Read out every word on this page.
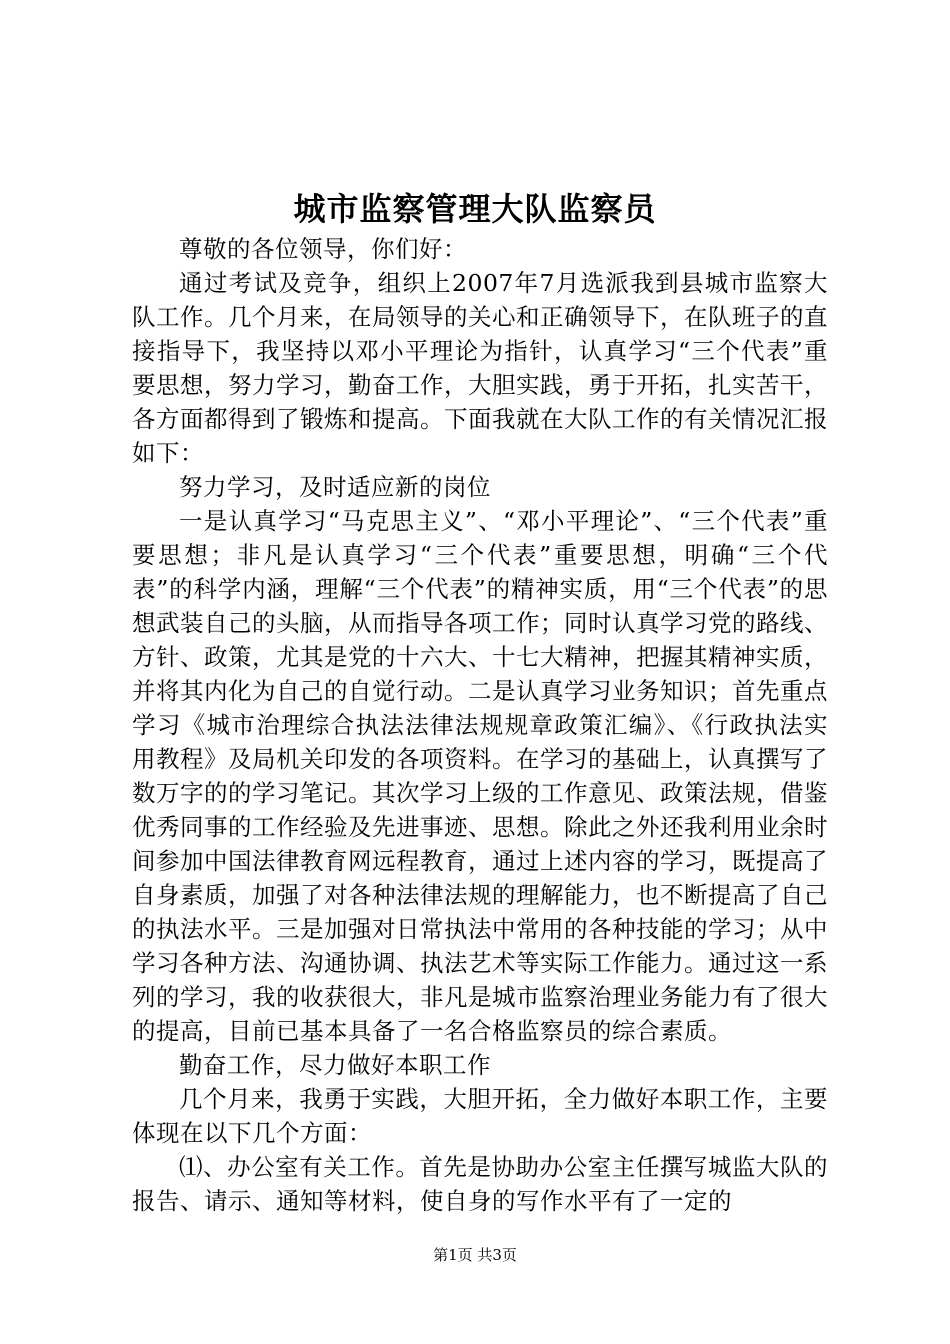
城市监察管理大队监察员

尊敬的各位领导，你们好：

通过考试及竞争，组织上2007年7月选派我到县城市监察大队工作。几个月来，在局领导的关心和正确领导下，在队班子的直接指导下，我坚持以邓小平理论为指针，认真学习“三个代表”重要思想，努力学习，勤奋工作，大胆实践，勇于开拓，扎实苦干，各方面都得到了锻炼和提高。下面我就在大队工作的有关情况汇报如下：

努力学习，及时适应新的岗位

一是认真学习“马克思主义”、“邓小平理论”、“三个代表”重要思想；非凡是认真学习“三个代表”重要思想，明确“三个代表”的科学内涵，理解“三个代表”的精神实质，用“三个代表”的思想武装自己的头脑，从而指导各项工作；同时认真学习党的路线、方针、政策，尤其是党的十六大、十七大精神，把握其精神实质，并将其内化为自己的自觉行动。二是认真学习业务知识；首先重点学习《城市治理综合执法法律法规规章政策汇编》、《行政执法实用教程》及局机关印发的各项资料。在学习的基础上，认真撰写了数万字的的学习笔记。其次学习上级的工作意见、政策法规，借鉴优秀同事的工作经验及先进事迹、思想。除此之外还我利用业余时间参加中国法律教育网远程教育，通过上述内容的学习，既提高了自身素质，加强了对各种法律法规的理解能力，也不断提高了自己的执法水平。三是加强对日常执法中常用的各种技能的学习；从中学习各种方法、沟通协调、执法艺术等实际工作能力。通过这一系列的学习，我的收获很大，非凡是城市监察治理业务能力有了很大的提高，目前已基本具备了一名合格监察员的综合素质。

勤奋工作，尽力做好本职工作

几个月来，我勇于实践，大胆开拓，全力做好本职工作，主要体现在以下几个方面：

⑴、办公室有关工作。首先是协助办公室主任撰写城监大队的报告、请示、通知等材料，使自身的写作水平有了一定的

第1页 共3页
